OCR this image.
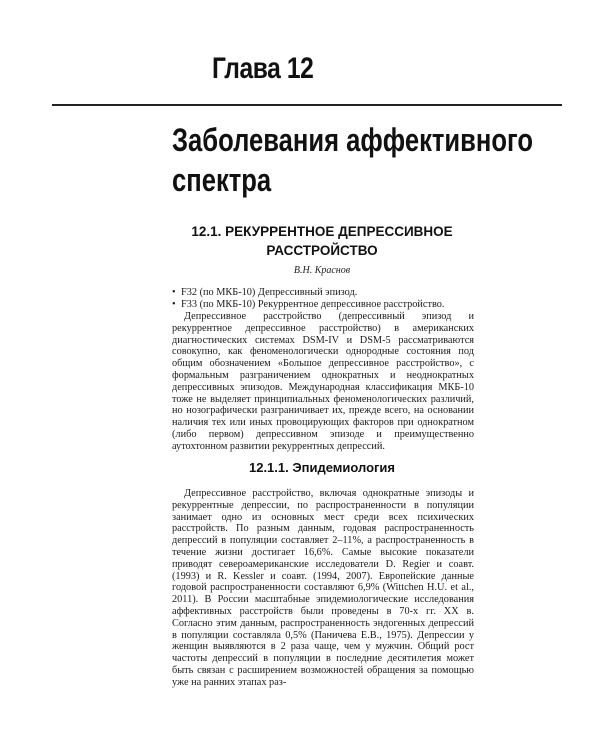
Глава 12
Заболевания аффективного
спектра
12.1. РЕКУРРЕНТНОЕ ДЕПРЕССИВНОЕ
РАССТРОЙСТВО
В.Н. Краснов
• F32 (по МКБ-10) Депрессивный эпизод.
• F33 (по МКБ-10) Рекуррентное депрессивное расстройство.

Депрессивное расстройство (депрессивный эпизод и рекуррентное депрессивное расстройство) в американских диагностических системах DSM-IV и DSM-5 рассматриваются совокупно, как феноменологически однородные состояния под общим обозначением «Большое депрессивное расстройство», с формальным разграничением однократных и неоднократных депрессивных эпизодов. Международная классификация МКБ-10 тоже не выделяет принципиальных феноменологических различий, но нозографически разграничивает их, прежде всего, на основании наличия тех или иных провоцирующих факторов при однократном (либо первом) депрессивном эпизоде и преимущественно аутохтонном развитии рекуррентных депрессий.

12.1.1. Эпидемиология

Депрессивное расстройство, включая однократные эпизоды и рекуррентные депрессии, по распространенности в популяции занимает одно из основных мест среди всех психических расстройств. По разным данным, годовая распространенность депрессий в популяции составляет 2–11%, а распространенность в течение жизни достигает 16,6%. Самые высокие показатели приводят североамериканские исследователи D. Regier и соавт. (1993) и R. Kessler и соавт. (1994, 2007). Европейские данные годовой распространенности составляют 6,9% (Wittchen H.U. et al., 2011). В России масштабные эпидемиологические исследования аффективных расстройств были проведены в 70-х гг. XX в. Согласно этим данным, распространенность эндогенных депрессий в популяции составляла 0,5% (Паничева Е.В., 1975). Депрессии у женщин выявляются в 2 раза чаще, чем у мужчин. Общий рост частоты депрессий в популяции в последние десятилетия может быть связан с расширением возможностей обращения за помощью уже на ранних этапах раз-
